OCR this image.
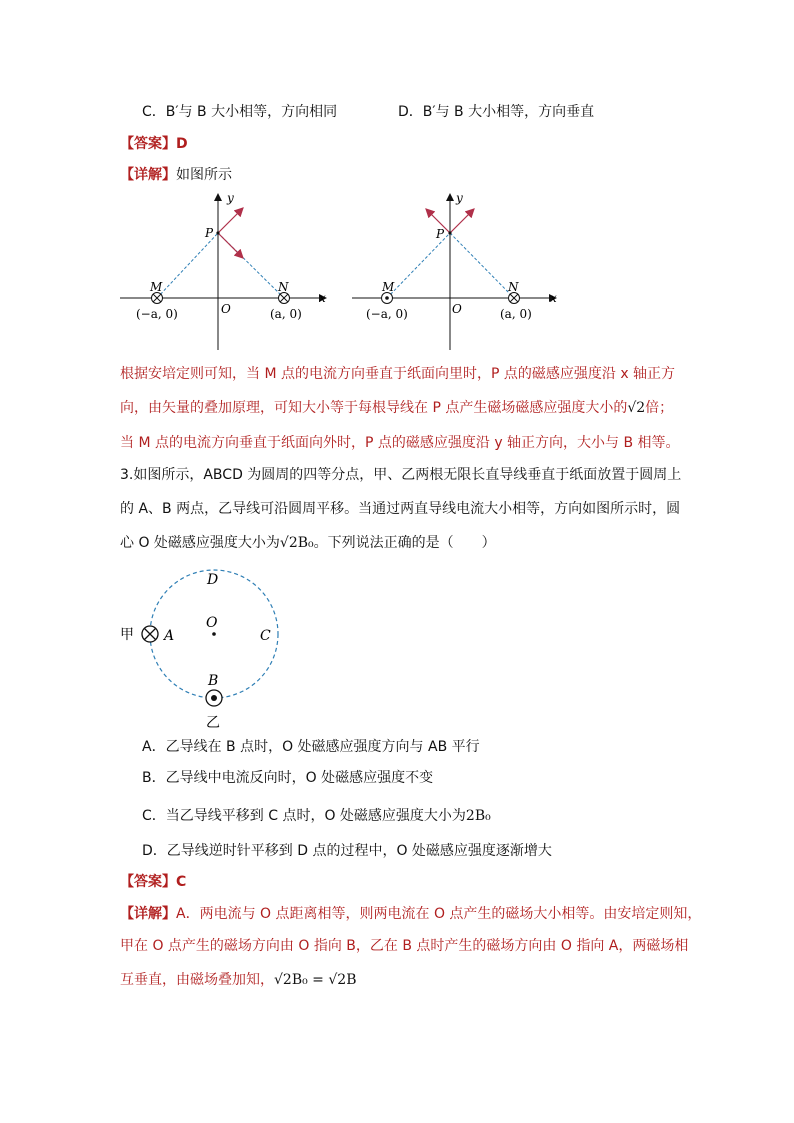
C．B′与 B 大小相等，方向相同	D．B′与 B 大小相等，方向垂直
【答案】D
【详解】如图所示
y
x
P
M	N
O
(−a, 0)	(a, 0)
y
x
P
M	N
O
(−a, 0)	(a, 0)
根据安培定则可知，当 M 点的电流方向垂直于纸面向里时，P 点的磁感应强度沿 x 轴正方
向，由矢量的叠加原理，可知大小等于每根导线在 P 点产生磁场磁感应强度大小的√2倍；
当 M 点的电流方向垂直于纸面向外时，P 点的磁感应强度沿 y 轴正方向，大小与 B 相等。
3.如图所示，ABCD 为圆周的四等分点，甲、乙两根无限长直导线垂直于纸面放置于圆周上
的 A、B 两点，乙导线可沿圆周平移。当通过两直导线电流大小相等，方向如图所示时，圆
心 O 处磁感应强度大小为√2B₀。下列说法正确的是（　　）
D
O
A	C
B
甲
乙
A．乙导线在 B 点时，O 处磁感应强度方向与 AB 平行
B．乙导线中电流反向时，O 处磁感应强度不变
C．当乙导线平移到 C 点时，O 处磁感应强度大小为2B₀
D．乙导线逆时针平移到 D 点的过程中，O 处磁感应强度逐渐增大
【答案】C
【详解】A．两电流与 O 点距离相等，则两电流在 O 点产生的磁场大小相等。由安培定则知，
甲在 O 点产生的磁场方向由 O 指向 B，乙在 B 点时产生的磁场方向由 O 指向 A，两磁场相
互垂直，由磁场叠加知，√2B₀ = √2B
